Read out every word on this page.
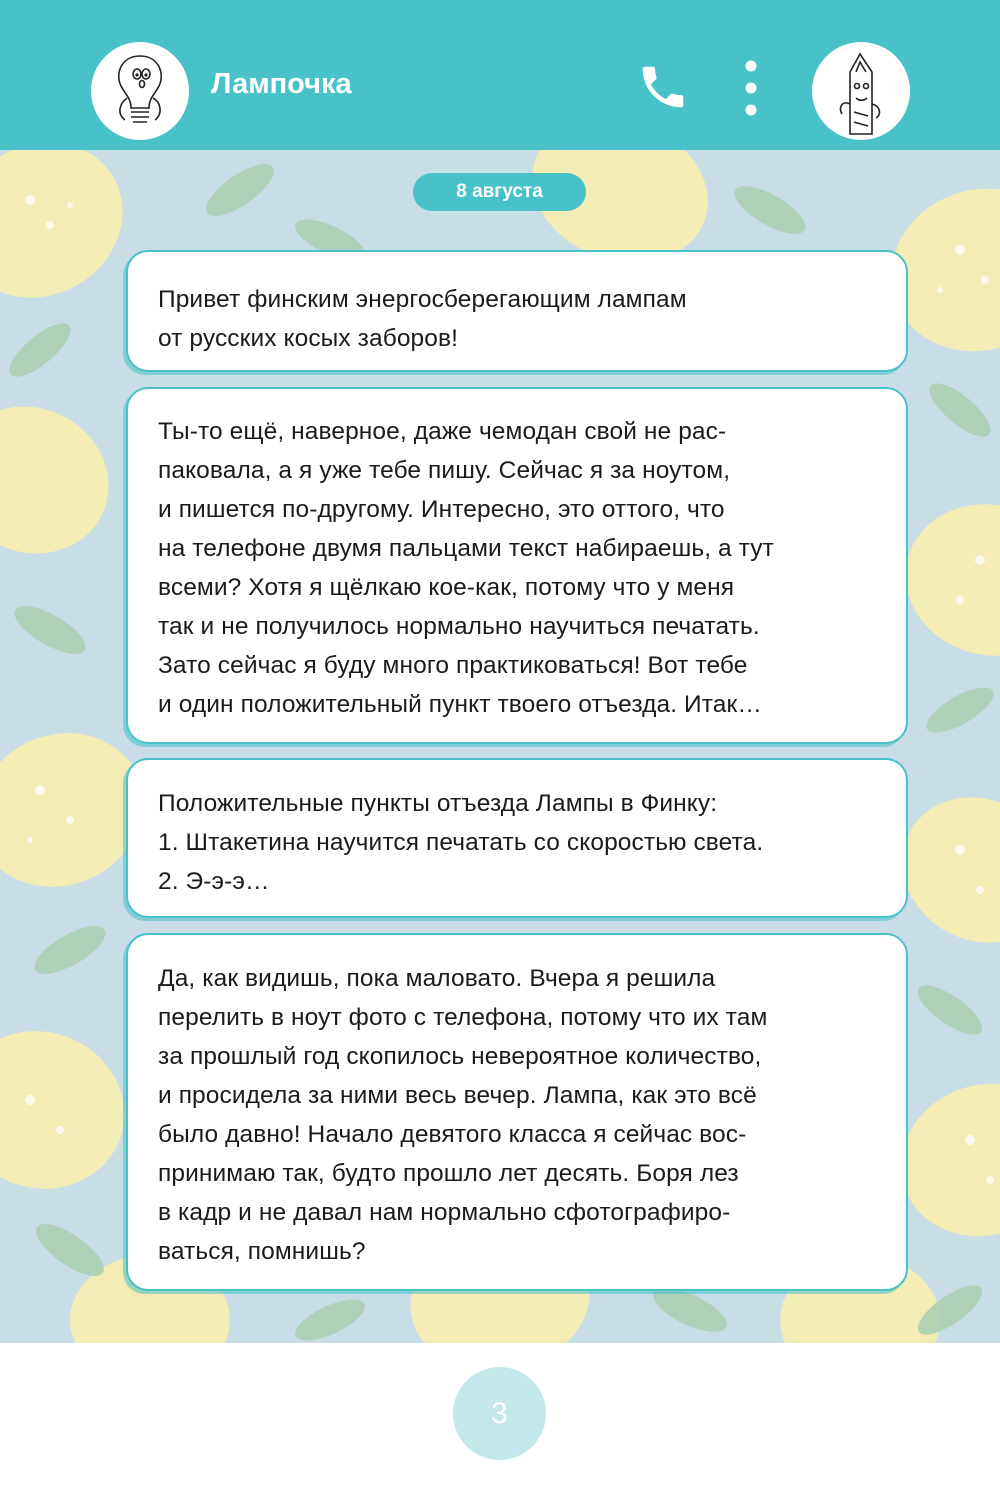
Лампочка
8 августа

Привет финским энергосберегающим лампам
от русских косых заборов!

Ты-то ещё, наверное, даже чемодан свой не рас-
паковала, а я уже тебе пишу. Сейчас я за ноутом,
и пишется по-другому. Интересно, это оттого, что
на телефоне двумя пальцами текст набираешь, а тут
всеми? Хотя я щёлкаю кое-как, потому что у меня
так и не получилось нормально научиться печатать.
Зато сейчас я буду много практиковаться! Вот тебе
и один положительный пункт твоего отъезда. Итак…

Положительные пункты отъезда Лампы в Финку:
1. Штакетина научится печатать со скоростью света.
2. Э-э-э…

Да, как видишь, пока маловато. Вчера я решила
перелить в ноут фото с телефона, потому что их там
за прошлый год скопилось невероятное количество,
и просидела за ними весь вечер. Лампа, как это всё
было давно! Начало девятого класса я сейчас вос-
принимаю так, будто прошло лет десять. Боря лез
в кадр и не давал нам нормально сфотографиро-
ваться, помнишь?

3
